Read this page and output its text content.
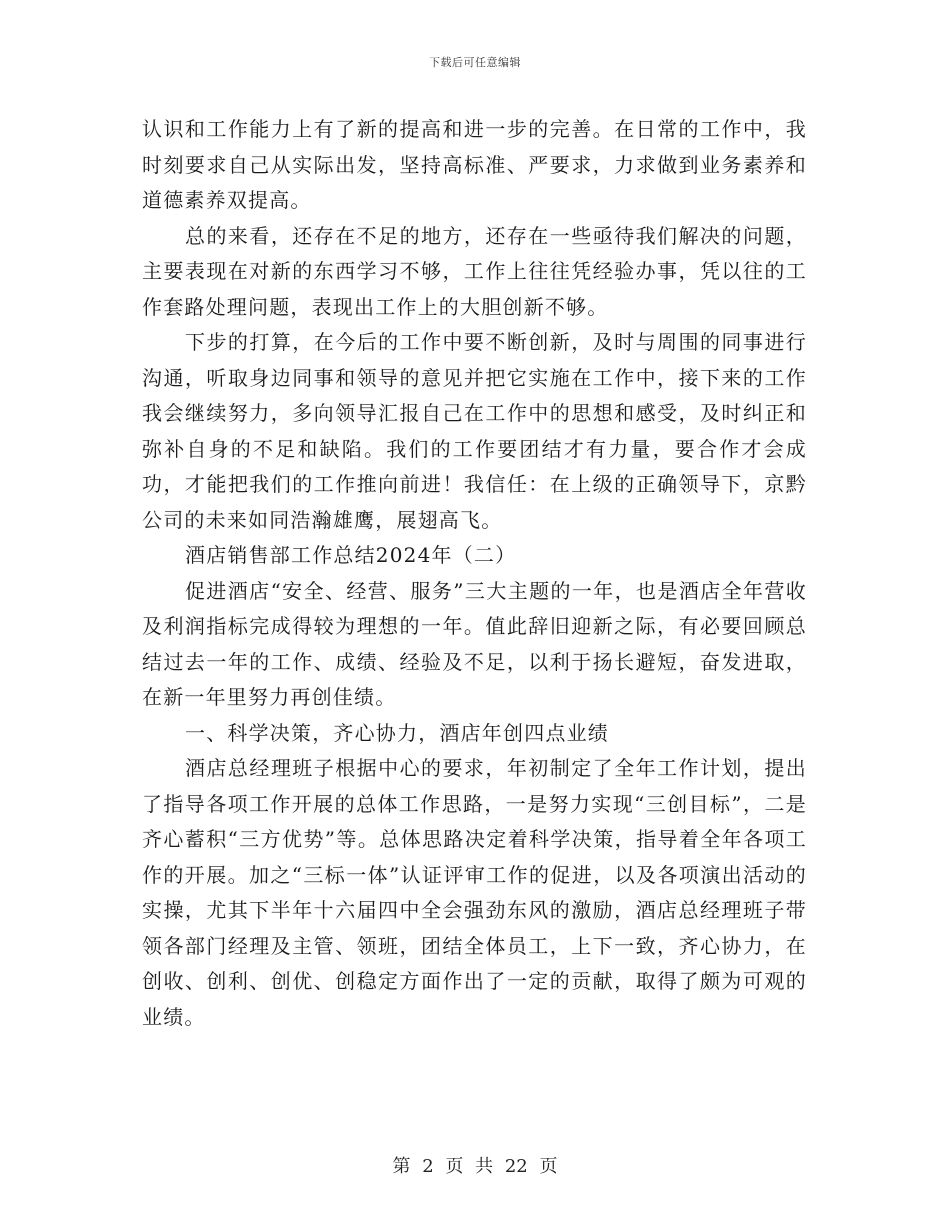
下载后可任意编辑

认识和工作能力上有了新的提高和进一步的完善。在日常的工作中，我时刻要求自己从实际出发，坚持高标准、严要求，力求做到业务素养和道德素养双提高。

总的来看，还存在不足的地方，还存在一些亟待我们解决的问题，主要表现在对新的东西学习不够，工作上往往凭经验办事，凭以往的工作套路处理问题，表现出工作上的大胆创新不够。

下步的打算，在今后的工作中要不断创新，及时与周围的同事进行沟通，听取身边同事和领导的意见并把它实施在工作中，接下来的工作我会继续努力，多向领导汇报自己在工作中的思想和感受，及时纠正和弥补自身的不足和缺陷。我们的工作要团结才有力量，要合作才会成功，才能把我们的工作推向前进！我信任：在上级的正确领导下，京黔公司的未来如同浩瀚雄鹰，展翅高飞。

酒店销售部工作总结2024年（二）

促进酒店“安全、经营、服务”三大主题的一年，也是酒店全年营收及利润指标完成得较为理想的一年。值此辞旧迎新之际，有必要回顾总结过去一年的工作、成绩、经验及不足，以利于扬长避短，奋发进取，在新一年里努力再创佳绩。

一、科学决策，齐心协力，酒店年创四点业绩

酒店总经理班子根据中心的要求，年初制定了全年工作计划，提出了指导各项工作开展的总体工作思路，一是努力实现“三创目标”，二是齐心蓄积“三方优势”等。总体思路决定着科学决策，指导着全年各项工作的开展。加之“三标一体”认证评审工作的促进，以及各项演出活动的实操，尤其下半年十六届四中全会强劲东风的激励，酒店总经理班子带领各部门经理及主管、领班，团结全体员工，上下一致，齐心协力，在创收、创利、创优、创稳定方面作出了一定的贡献，取得了颇为可观的业绩。

第 2 页 共 22 页
